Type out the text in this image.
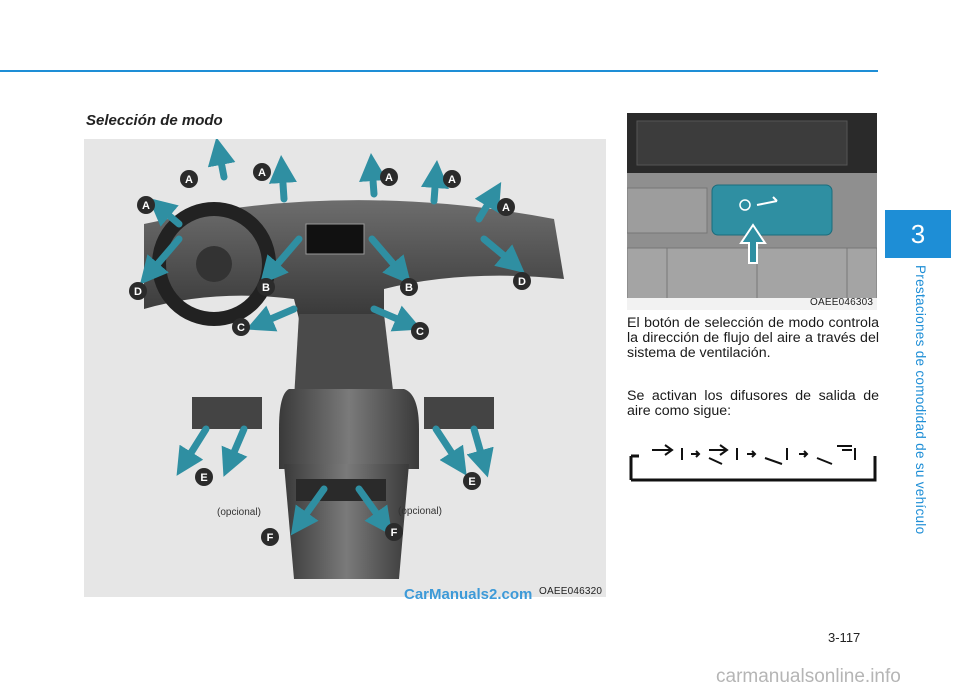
Selección de modo
A
A	A	A
A	A
D
D
B	B
C	C
E	E
F	F
(opcional)	(opcional)
OAEE046320
OAEE046303
El botón de selección de modo controla la dirección de flujo del aire a través del sistema de ventilación.
Se activan los difusores de salida de aire como sigue:
3
Prestaciones de comodidad de su vehículo
3-117
CarManuals2.com
carmanualsonline.info
